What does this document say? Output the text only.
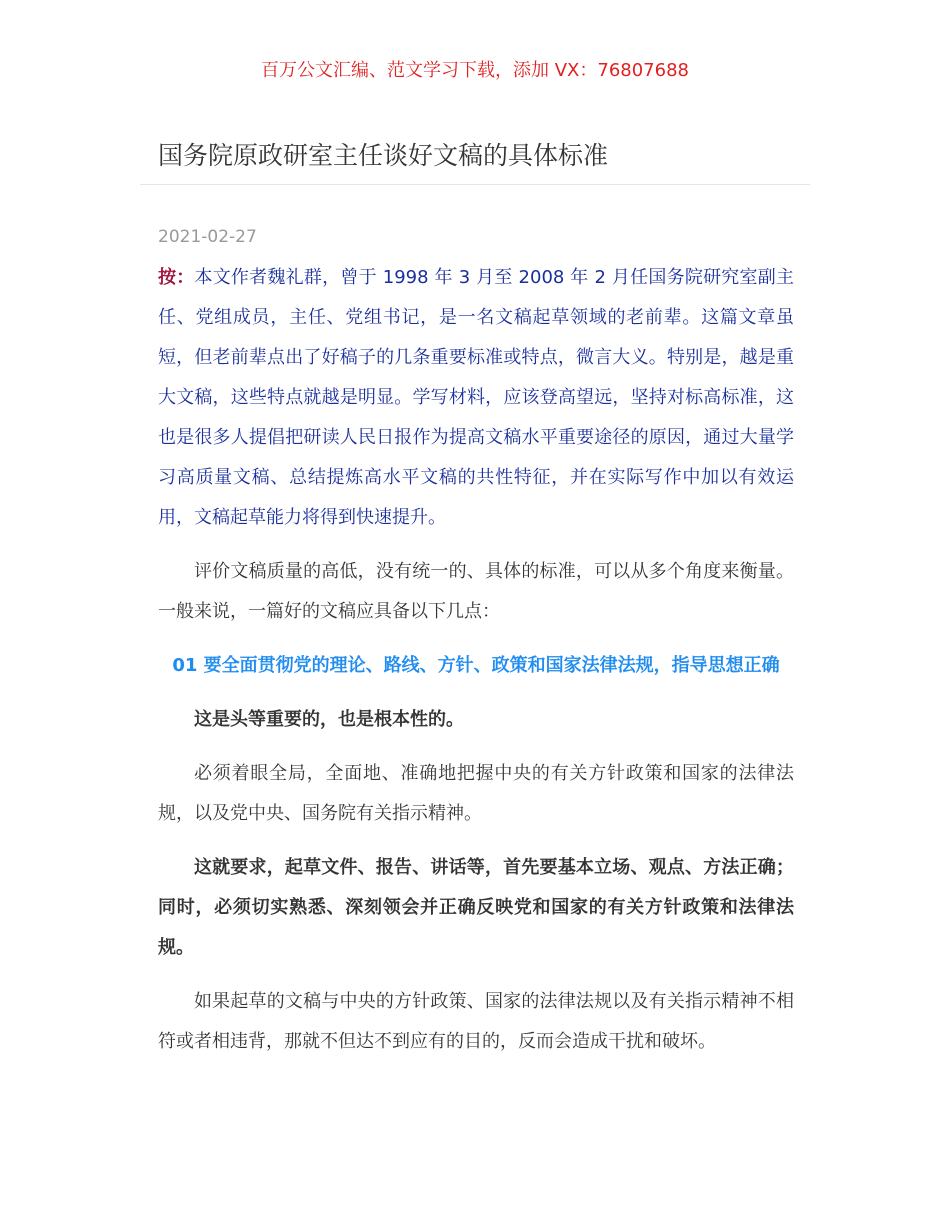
百万公文汇编、范文学习下载，添加 VX：76807688
国务院原政研室主任谈好文稿的具体标准
2021-02-27

按：本文作者魏礼群，曾于 1998 年 3 月至 2008 年 2 月任国务院研究室副主任、党组成员，主任、党组书记，是一名文稿起草领域的老前辈。这篇文章虽短，但老前辈点出了好稿子的几条重要标准或特点，微言大义。特别是，越是重大文稿，这些特点就越是明显。学写材料，应该登高望远，坚持对标高标准，这也是很多人提倡把研读人民日报作为提高文稿水平重要途径的原因，通过大量学习高质量文稿、总结提炼高水平文稿的共性特征，并在实际写作中加以有效运用，文稿起草能力将得到快速提升。

评价文稿质量的高低，没有统一的、具体的标准，可以从多个角度来衡量。一般来说，一篇好的文稿应具备以下几点：

01 要全面贯彻党的理论、路线、方针、政策和国家法律法规，指导思想正确

这是头等重要的，也是根本性的。

必须着眼全局，全面地、准确地把握中央的有关方针政策和国家的法律法规，以及党中央、国务院有关指示精神。

这就要求，起草文件、报告、讲话等，首先要基本立场、观点、方法正确；同时，必须切实熟悉、深刻领会并正确反映党和国家的有关方针政策和法律法规。

如果起草的文稿与中央的方针政策、国家的法律法规以及有关指示精神不相符或者相违背，那就不但达不到应有的目的，反而会造成干扰和破坏。
